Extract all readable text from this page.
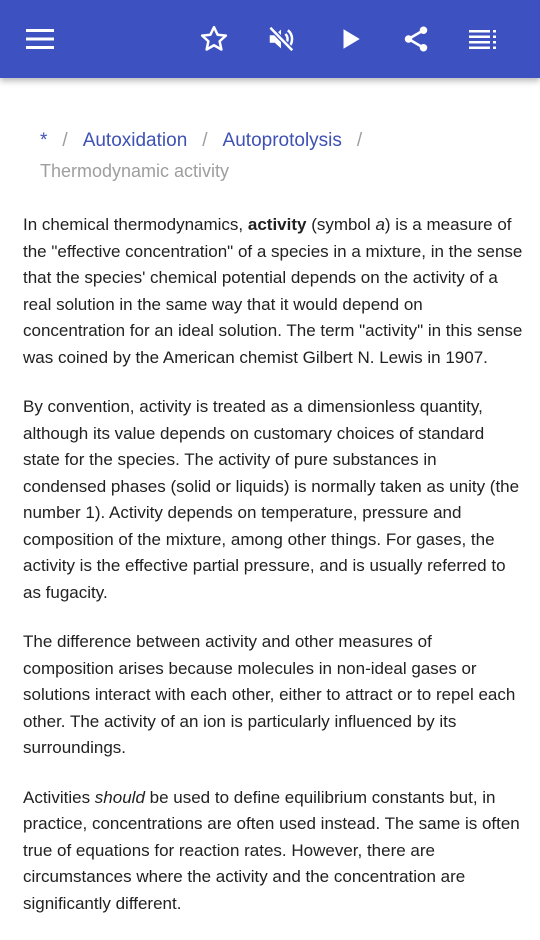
* / Autoxidation / Autoprotolysis /
Thermodynamic activity

In chemical thermodynamics, activity (symbol a) is a measure of the "effective concentration" of a species in a mixture, in the sense that the species' chemical potential depends on the activity of a real solution in the same way that it would depend on concentration for an ideal solution. The term "activity" in this sense was coined by the American chemist Gilbert N. Lewis in 1907.

By convention, activity is treated as a dimensionless quantity, although its value depends on customary choices of standard state for the species. The activity of pure substances in condensed phases (solid or liquids) is normally taken as unity (the number 1). Activity depends on temperature, pressure and composition of the mixture, among other things. For gases, the activity is the effective partial pressure, and is usually referred to as fugacity.

The difference between activity and other measures of composition arises because molecules in non-ideal gases or solutions interact with each other, either to attract or to repel each other. The activity of an ion is particularly influenced by its surroundings.

Activities should be used to define equilibrium constants but, in practice, concentrations are often used instead. The same is often true of equations for reaction rates. However, there are circumstances where the activity and the concentration are significantly different.
